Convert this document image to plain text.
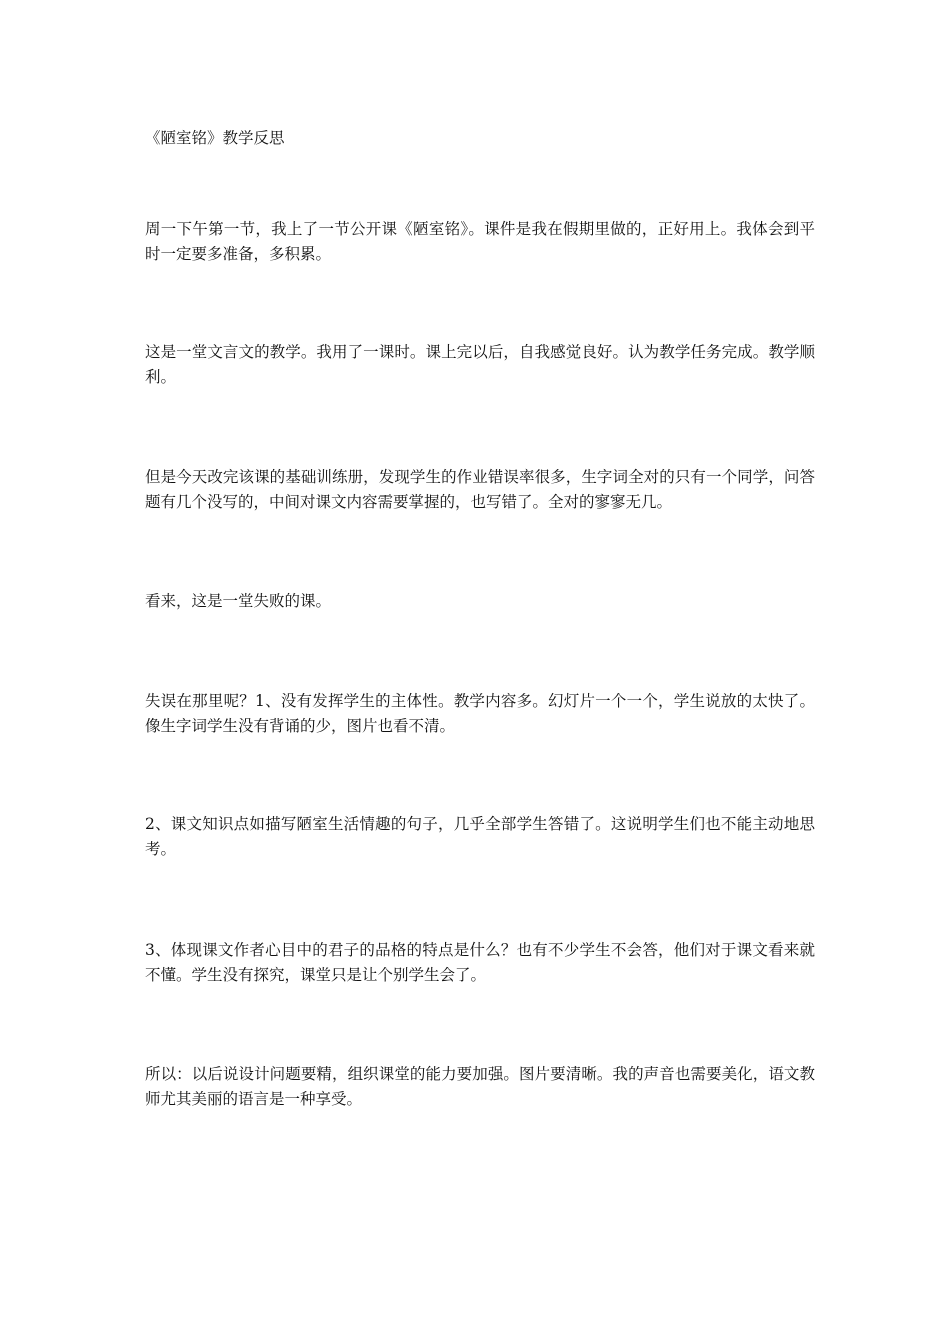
《陋室铭》教学反思

周一下午第一节，我上了一节公开课《陋室铭》。课件是我在假期里做的，正好用上。我体会到平时一定要多准备，多积累。

这是一堂文言文的教学。我用了一课时。课上完以后，自我感觉良好。认为教学任务完成。教学顺利。

但是今天改完该课的基础训练册，发现学生的作业错误率很多，生字词全对的只有一个同学，问答题有几个没写的，中间对课文内容需要掌握的，也写错了。全对的寥寥无几。

看来，这是一堂失败的课。

失误在那里呢？1、没有发挥学生的主体性。教学内容多。幻灯片一个一个，学生说放的太快了。像生字词学生没有背诵的少，图片也看不清。

2、课文知识点如描写陋室生活情趣的句子，几乎全部学生答错了。这说明学生们也不能主动地思考。

3、体现课文作者心目中的君子的品格的特点是什么？也有不少学生不会答，他们对于课文看来就不懂。学生没有探究，课堂只是让个别学生会了。

所以：以后说设计问题要精，组织课堂的能力要加强。图片要清晰。我的声音也需要美化，语文教师尤其美丽的语言是一种享受。
